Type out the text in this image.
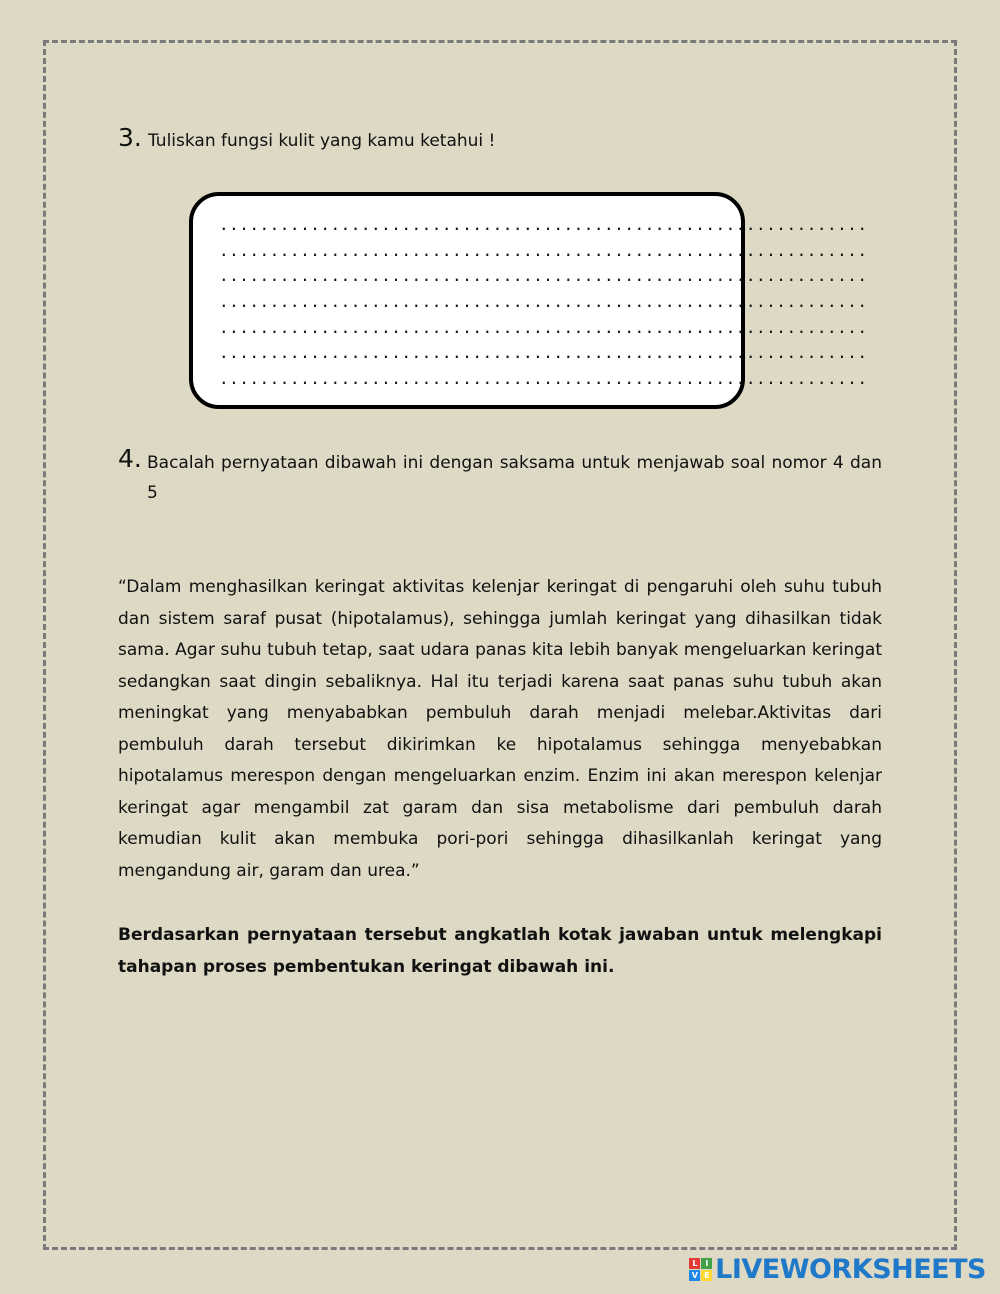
3. Tuliskan fungsi kulit yang kamu ketahui !
................................................................
................................................................
................................................................
................................................................
................................................................
................................................................
................................................................
4. Bacalah pernyataan dibawah ini dengan saksama untuk menjawab soal nomor 4 dan 5
“Dalam menghasilkan keringat aktivitas kelenjar keringat di pengaruhi oleh suhu tubuh dan sistem saraf pusat (hipotalamus), sehingga jumlah keringat yang dihasilkan tidak sama. Agar suhu tubuh tetap, saat udara panas kita lebih banyak mengeluarkan keringat sedangkan saat dingin sebaliknya. Hal itu terjadi karena saat panas suhu tubuh akan meningkat yang menyababkan pembuluh darah menjadi melebar.Aktivitas dari pembuluh darah tersebut dikirimkan ke hipotalamus sehingga menyebabkan hipotalamus merespon dengan mengeluarkan enzim. Enzim ini akan merespon kelenjar keringat agar mengambil zat garam dan sisa metabolisme dari pembuluh darah kemudian kulit akan membuka pori-pori sehingga dihasilkanlah keringat yang mengandung air, garam dan urea.”
Berdasarkan pernyataan tersebut angkatlah kotak jawaban untuk melengkapi tahapan proses pembentukan keringat dibawah ini.
L	I
V E LIVEWORKSHEETS
